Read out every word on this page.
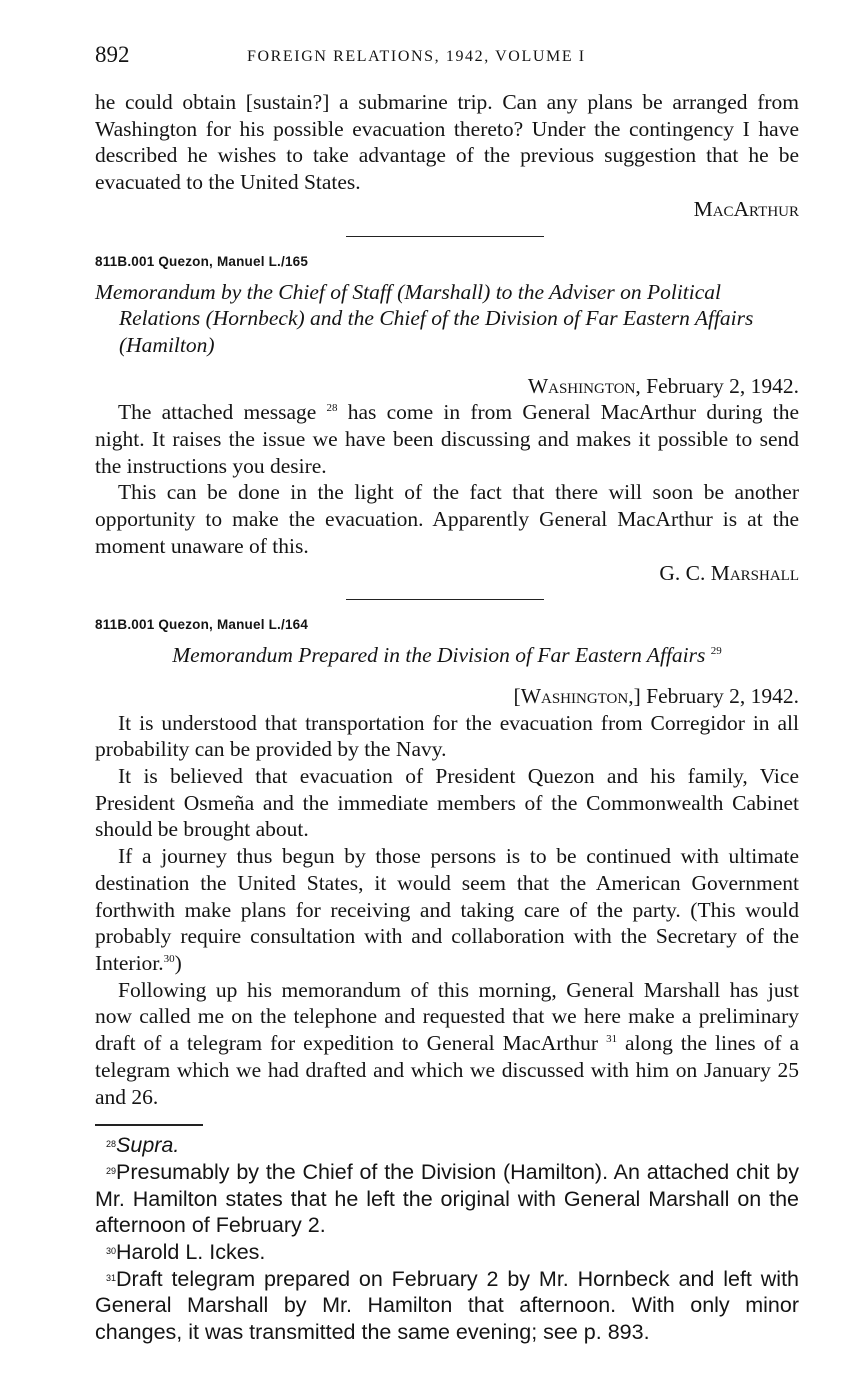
892	FOREIGN RELATIONS, 1942, VOLUME I

he could obtain [sustain?] a submarine trip. Can any plans be arranged from Washington for his possible evacuation thereto? Under the contingency I have described he wishes to take advantage of the previous suggestion that he be evacuated to the United States.

MacArthur
811B.001 Quezon, Manuel L./165
Memorandum by the Chief of Staff (Marshall) to the Adviser on Political Relations (Hornbeck) and the Chief of the Division of Far Eastern Affairs (Hamilton)
Washington, February 2, 1942.

The attached message $^{28}$ has come in from General MacArthur during the night. It raises the issue we have been discussing and makes it possible to send the instructions you desire.

This can be done in the light of the fact that there will soon be another opportunity to make the evacuation. Apparently General MacArthur is at the moment unaware of this.

G. C. Marshall
811B.001 Quezon, Manuel L./164
Memorandum Prepared in the Division of Far Eastern Affairs $^{29}$
[Washington,] February 2, 1942.

It is understood that transportation for the evacuation from Corregidor in all probability can be provided by the Navy.

It is believed that evacuation of President Quezon and his family, Vice President Osmeña and the immediate members of the Commonwealth Cabinet should be brought about.

If a journey thus begun by those persons is to be continued with ultimate destination the United States, it would seem that the American Government forthwith make plans for receiving and taking care of the party. (This would probably require consultation with and collaboration with the Secretary of the Interior.$^{30}$)

Following up his memorandum of this morning, General Marshall has just now called me on the telephone and requested that we here make a preliminary draft of a telegram for expedition to General MacArthur $^{31}$ along the lines of a telegram which we had drafted and which we discussed with him on January 25 and 26.

$^{28}$Supra.

$^{29}$Presumably by the Chief of the Division (Hamilton). An attached chit by Mr. Hamilton states that he left the original with General Marshall on the afternoon of February 2.

$^{30}$Harold L. Ickes.

$^{31}$Draft telegram prepared on February 2 by Mr. Hornbeck and left with General Marshall by Mr. Hamilton that afternoon. With only minor changes, it was transmitted the same evening; see p. 893.
